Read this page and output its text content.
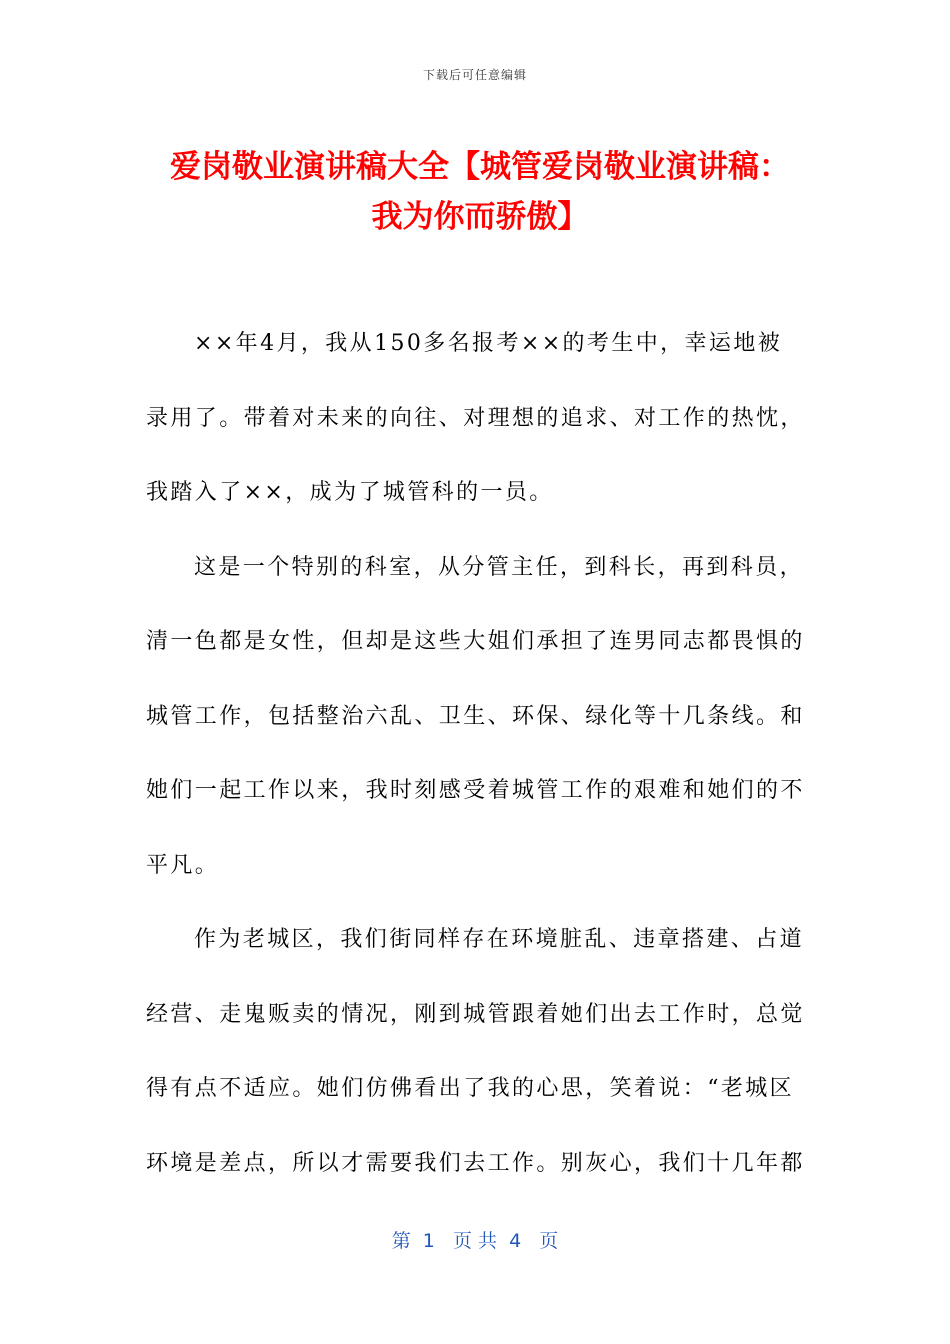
下载后可任意编辑
爱岗敬业演讲稿大全【城管爱岗敬业演讲稿：
我为你而骄傲】
××年4月，我从150多名报考××的考生中，幸运地被
录用了。带着对未来的向往、对理想的追求、对工作的热忱，
我踏入了××，成为了城管科的一员。
这是一个特别的科室，从分管主任，到科长，再到科员，
清一色都是女性，但却是这些大姐们承担了连男同志都畏惧的
城管工作，包括整治六乱、卫生、环保、绿化等十几条线。和
她们一起工作以来，我时刻感受着城管工作的艰难和她们的不
平凡。
作为老城区，我们街同样存在环境脏乱、违章搭建、占道
经营、走鬼贩卖的情况，刚到城管跟着她们出去工作时，总觉
得有点不适应。她们仿佛看出了我的心思，笑着说：“老城区
环境是差点，所以才需要我们去工作。别灰心，我们十几年都
第  1   页 共  4   页
